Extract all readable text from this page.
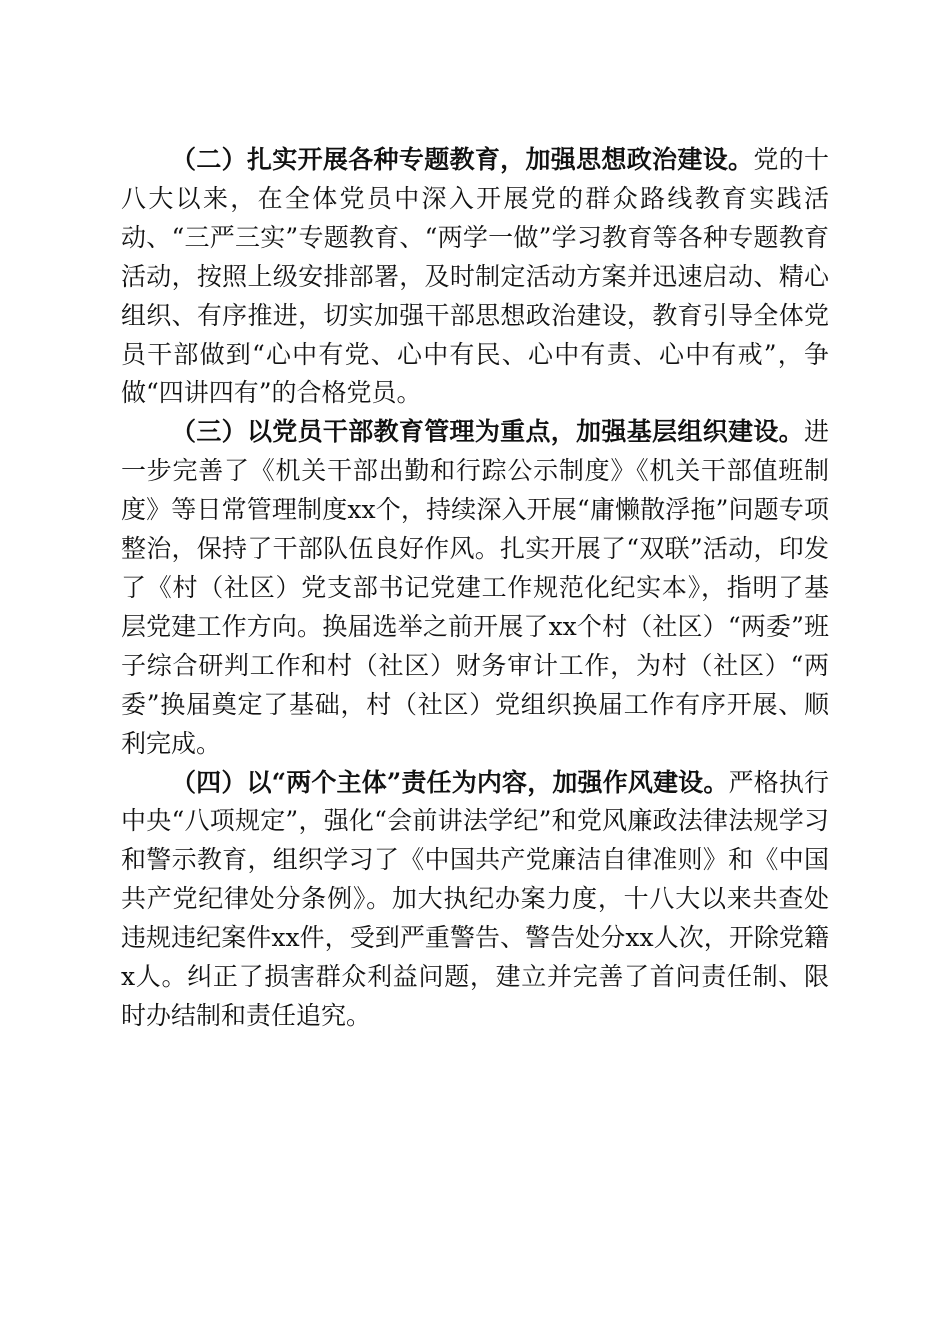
（二）扎实开展各种专题教育，加强思想政治建设。党的十八大以来，在全体党员中深入开展党的群众路线教育实践活动、“三严三实”专题教育、“两学一做”学习教育等各种专题教育活动，按照上级安排部署，及时制定活动方案并迅速启动、精心组织、有序推进，切实加强干部思想政治建设，教育引导全体党员干部做到“心中有党、心中有民、心中有责、心中有戒”，争做“四讲四有”的合格党员。

（三）以党员干部教育管理为重点，加强基层组织建设。进一步完善了《机关干部出勤和行踪公示制度》《机关干部值班制度》等日常管理制度xx个，持续深入开展“庸懒散浮拖”问题专项整治，保持了干部队伍良好作风。扎实开展了“双联”活动，印发了《村（社区）党支部书记党建工作规范化纪实本》，指明了基层党建工作方向。换届选举之前开展了xx个村（社区）“两委”班子综合研判工作和村（社区）财务审计工作，为村（社区）“两委”换届奠定了基础，村（社区）党组织换届工作有序开展、顺利完成。

（四）以“两个主体”责任为内容，加强作风建设。严格执行中央“八项规定”，强化“会前讲法学纪”和党风廉政法律法规学习和警示教育，组织学习了《中国共产党廉洁自律准则》和《中国共产党纪律处分条例》。加大执纪办案力度，十八大以来共查处违规违纪案件xx件，受到严重警告、警告处分xx人次，开除党籍x人。纠正了损害群众利益问题，建立并完善了首问责任制、限时办结制和责任追究。
